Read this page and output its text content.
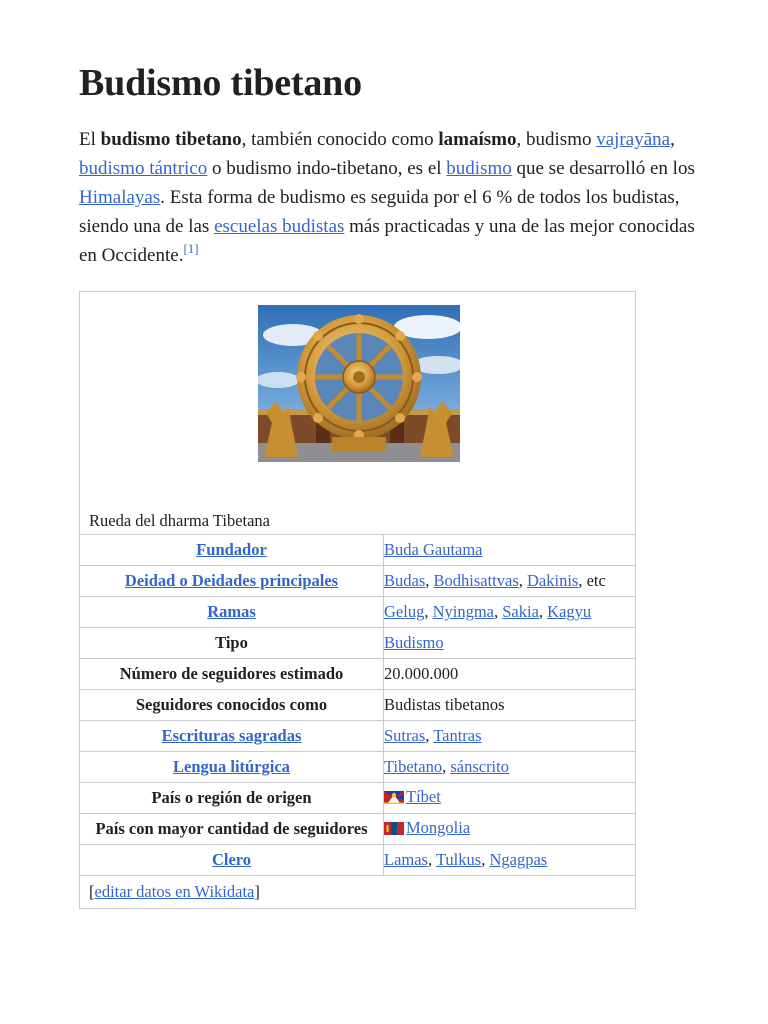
Budismo tibetano

El budismo tibetano, también conocido como lamaísmo, budismo vajrayāna, budismo tántrico o budismo indo-tibetano, es el budismo que se desarrolló en los Himalayas. Esta forma de budismo es seguida por el 6 % de todos los budistas, siendo una de las escuelas budistas más practicadas y una de las mejor conocidas en Occidente.[1]

Rueda del dharma Tibetana	

Fundador	Buda Gautama
Deidad o Deidades principales	Budas, Bodhisattvas, Dakinis, etc
Ramas	Gelug, Nyingma, Sakia, Kagyu
Tipo	Budismo
Número de seguidores estimado	20.000.000
Seguidores conocidos como	Budistas tibetanos
Escrituras sagradas	Sutras, Tantras
Lengua litúrgica	Tibetano, sánscrito
País o región de origen	Tíbet
País con mayor cantidad de seguidores	Mongolia
Clero	Lamas, Tulkus, Ngagpas
[editar datos en Wikidata]	
